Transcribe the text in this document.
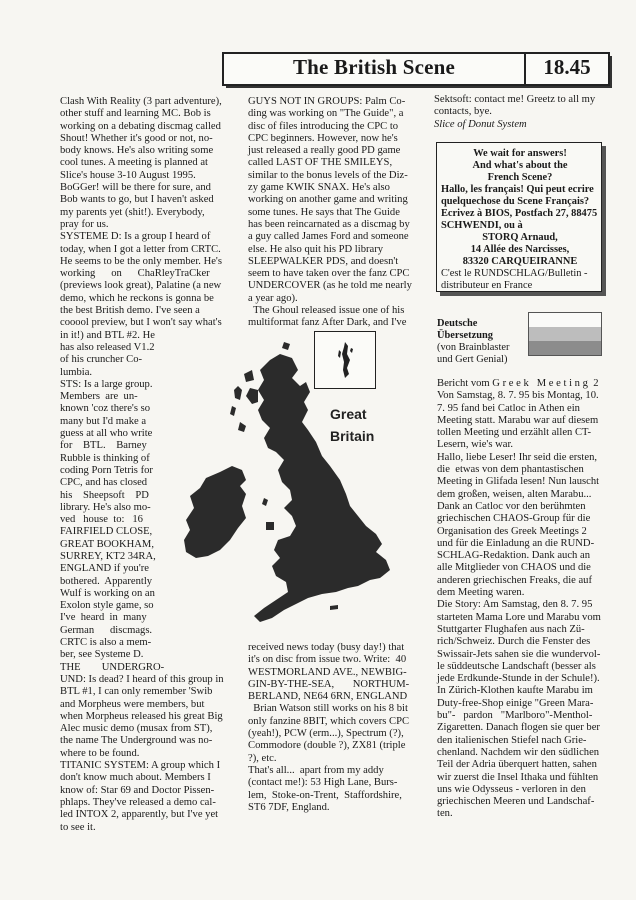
The British Scene	18.45
Clash With Reality (3 part adventure),
other stuff and learning MC. Bob is
working on a debating discmag called
Shout! Whether it's good or not, no-
body knows. He's also writing some
cool tunes. A meeting is planned at
Slice's house 3-10 August 1995.
BoGGer! will be there for sure, and
Bob wants to go, but I haven't asked
my parents yet (shit!). Everybody,
pray for us.
SYSTEME D: Is a group I heard of
today, when I got a letter from CRTC.
He seems to be the only member. He's
working      on      ChaRleyTraCker
(previews look great), Palatine (a new
demo, which he reckons is gonna be
the best British demo. I've seen a
cooool preview, but I won't say what's
in it!) and BTL #2. He
has also released V1.2
of his cruncher Co-
lumbia.
STS: Is a large group.
Members  are  un-
known 'coz there's so
many but I'd make a
guess at all who write
for    BTL.    Barney
Rubble is thinking of
coding Porn Tetris for
CPC, and has closed
his    Sheepsoft    PD
library. He's also mo-
ved   house  to:   16
FAIRFIELD CLOSE,
GREAT BOOKHAM,
SURREY, KT2 34RA,
ENGLAND if you're
bothered.  Apparently
Wulf is working on an
Exolon style game, so
I've  heard  in  many
German      discmags.
CRTC is also a mem-
ber, see Systeme D.
THE        UNDERGRO-
UND: Is dead? I heard of this group in
BTL #1, I can only remember 'Swib
and Morpheus were members, but
when Morpheus released his great Big
Alec music demo (musax from ST),
the name The Underground was no-
where to be found.
TITANIC SYSTEM: A group which I
don't know much about. Members I
know of: Star 69 and Doctor Pissen-
phlaps. They've released a demo cal-
led INTOX 2, apparently, but I've yet
to see it.
GUYS NOT IN GROUPS: Palm Co-
ding was working on "The Guide", a
disc of files introducing the CPC to
CPC beginners. However, now he's
just released a really good PD game
called LAST OF THE SMILEYS,
similar to the bonus levels of the Diz-
zy game KWIK SNAX. He's also
working on another game and writing
some tunes. He says that The Guide
has been reincarnated as a discmag by
a guy called James Ford and someone
else. He also quit his PD library
SLEEPWALKER PDS, and doesn't
seem to have taken over the fanz CPC
UNDERCOVER (as he told me nearly
a year ago).
The Ghoul released issue one of his
multiformat fanz After Dark, and I've
received news today (busy day!) that
it's on disc from issue two. Write:  40
WESTMORLAND AVE., NEWBIG-
GIN-BY-THE-SEA,       NORTHUM-
BERLAND, NE64 6RN, ENGLAND
Brian Watson still works on his 8 bit
only fanzine 8BIT, which covers CPC
(yeah!), PCW (erm...), Spectrum (?),
Commodore (double ?), ZX81 (triple
?), etc.
That's all...  apart from my addy
(contact me!): 53 High Lane, Burs-
lem,  Stoke-on-Trent,  Staffordshire,
ST6 7DF, England.
Sektsoft: contact me! Greetz to all my
contacts, bye.
Slice of Donut System
We wait for answers!
And what's about the
French Scene?
Hallo, les français! Qui peut ecrire
quelquechose du Scene Français?
Ecrivez à BIOS, Postfach 27, 88475
SCHWENDI, ou à
STORQ Arnaud,
14 Allée des Narcisses,
83320 CARQUEIRANNE
C'est le RUNDSCHLAG/Bulletin -
distributeur en France
Deutsche
Übersetzung
(von Brainblaster
und Gert Genial)
Bericht vom G r e e k   M e e t i n g  2
Von Samstag, 8. 7. 95 bis Montag, 10.
7. 95 fand bei Catloc in Athen ein
Meeting statt. Marabu war auf diesem
tollen Meeting und erzählt allen CT-
Lesern, wie's war.
Hallo, liebe Leser! Ihr seid die ersten,
die  etwas von dem phantastischen
Meeting in Glifada lesen! Nun lauscht
dem großen, weisen, alten Marabu...
Dank an Catloc vor den berühmten
griechischen CHAOS-Group für die
Organisation des Greek Meetings 2
und für die Einladung an die RUND-
SCHLAG-Redaktion. Dank auch an
alle Mitglieder von CHAOS und die
anderen griechischen Freaks, die auf
dem Meeting waren.
Die Story: Am Samstag, den 8. 7. 95
starteten Mama Lore und Marabu vom
Stuttgarter Flughafen aus nach Zü-
rich/Schweiz. Durch die Fenster des
Swissair-Jets sahen sie die wundervol-
le süddeutsche Landschaft (besser als
jede Erdkunde-Stunde in der Schule!).
In Zürich-Klothen kaufte Marabu im
Duty-free-Shop einige "Green Mara-
bu"-   pardon   "Marlboro"-Menthol-
Zigaretten. Danach flogen sie quer ber
den italienischen Stiefel nach Grie-
chenland. Nachdem wir den südlichen
Teil der Adria überquert hatten, sahen
wir zuerst die Insel Ithaka und fühlten
uns wie Odysseus - verloren in den
griechischen Meeren und Landschaf-
ten.
Great
Britain
